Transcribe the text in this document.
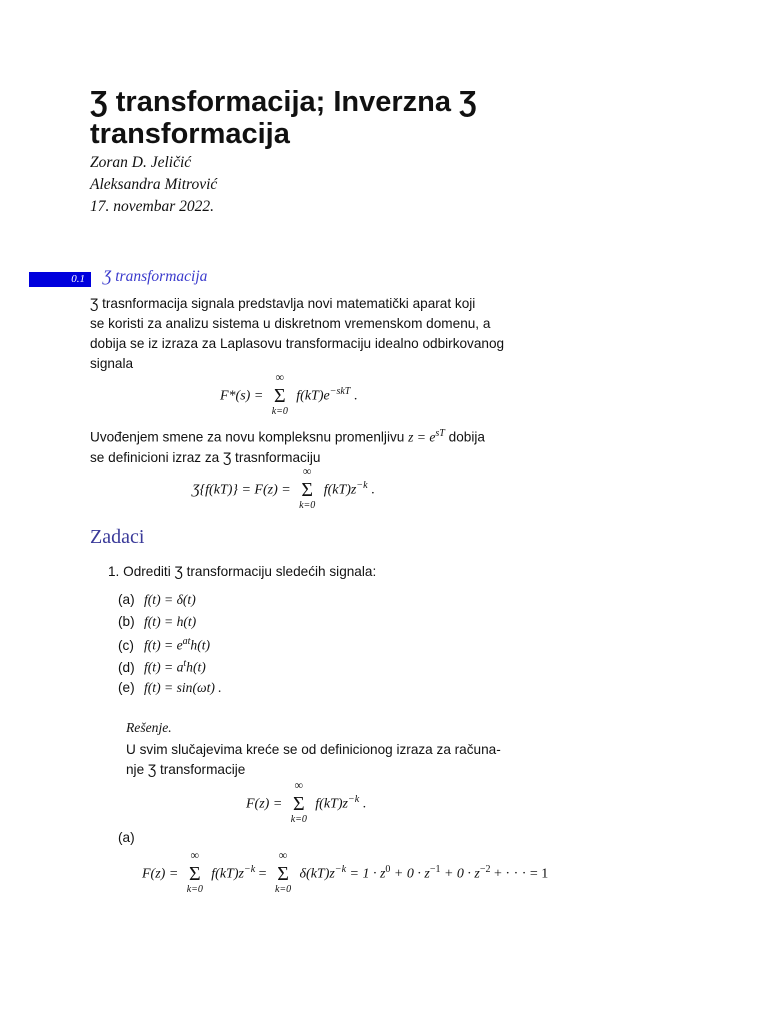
Ʒ transformacija; Inverzna Ʒ transformacija
Zoran D. Jeličić
Aleksandra Mitrović
17. novembar 2022.
0.1	Ʒ transformacija
Ʒ trasnformacija signala predstavlja novi matematički aparat koji
se koristi za analizu sistema u diskretnom vremenskom domenu, a
dobija se iz izraza za Laplasovu transformaciju idealno odbirkovanog
signala
F*(s) =
∞
Σ
k=0
$f(kT)e^{-skT}$ .
Uvođenjem smene za novu kompleksnu promenljivu $z = e^{sT}$ dobija
se definicioni izraz za Ʒ trasnformaciju
Ʒ{f(kT)} = F(z) =
∞
Σ
k=0
$f(kT)z^{-k}$ .
Zadaci
1. Odrediti Ʒ transformaciju sledećih signala:
(a) f(t) = δ(t)
(b) f(t) = h(t)
(c) $f(t) = e^{at}h(t)$
(d) $f(t) = a^th(t)$
(e) f(t) = sin(ωt) .
Rešenje.
U svim slučajevima kreće se od definicionog izraza za računa-
nje Ʒ transformacije
F(z) =
∞
Σ
k=0
$f(kT)z^{-k}$ .
(a)
F(z) =
∞
Σ
k=0
$f(kT)z^{-k}$ =
∞
Σ
k=0
$\delta(kT)z^{-k} = 1 \cdot z^0 + 0 \cdot z^{-1} + 0 \cdot z^{-2}$ + · · · = 1
